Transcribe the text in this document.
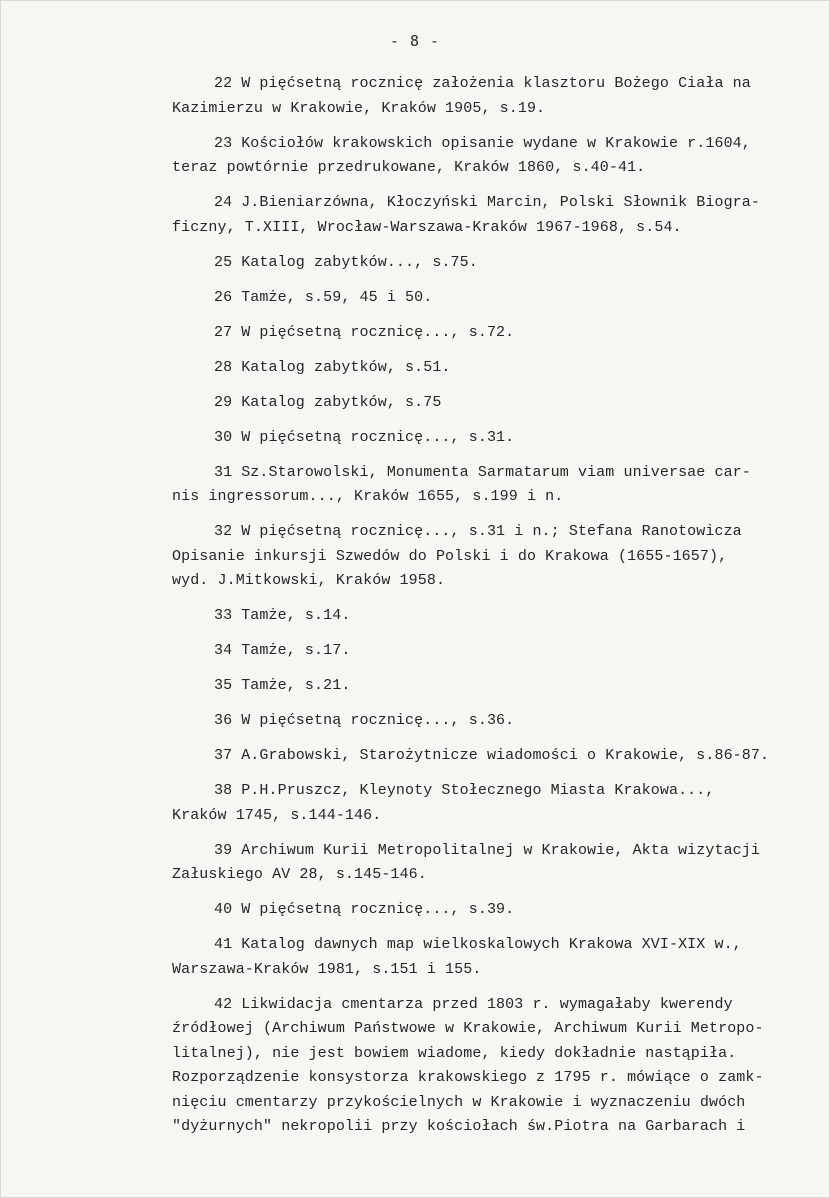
- 8 -
22 W pięćsetną rocznicę założenia klasztoru Bożego Ciała na
Kazimierzu w Krakowie, Kraków 1905, s.19.
23 Kościołów krakowskich opisanie wydane w Krakowie r.1604,
teraz powtórnie przedrukowane, Kraków 1860, s.40-41.
24 J.Bieniarzówna, Kłoczyński Marcin, Polski Słownik Biogra-
ficzny, T.XIII, Wrocław-Warszawa-Kraków 1967-1968, s.54.
25 Katalog zabytków..., s.75.
26 Tamże, s.59, 45 i 50.
27 W pięćsetną rocznicę..., s.72.
28 Katalog zabytków, s.51.
29 Katalog zabytków, s.75
30 W pięćsetną rocznicę..., s.31.
31 Sz.Starowolski, Monumenta Sarmatarum viam universae car-
nis ingressorum..., Kraków 1655, s.199 i n.
32 W pięćsetną rocznicę..., s.31 i n.; Stefana Ranotowicza
Opisanie inkursji Szwedów do Polski i do Krakowa (1655-1657),
wyd. J.Mitkowski, Kraków 1958.
33 Tamże, s.14.
34 Tamże, s.17.
35 Tamże, s.21.
36 W pięćsetną rocznicę..., s.36.
37 A.Grabowski, Starożytnicze wiadomości o Krakowie, s.86-87.
38 P.H.Pruszcz, Kleynoty Stołecznego Miasta Krakowa...,
Kraków 1745, s.144-146.
39 Archiwum Kurii Metropolitalnej w Krakowie, Akta wizytacji
Załuskiego AV 28, s.145-146.
40 W pięćsetną rocznicę..., s.39.
41 Katalog dawnych map wielkoskalowych Krakowa XVI-XIX w.,
Warszawa-Kraków 1981, s.151 i 155.
42 Likwidacja cmentarza przed 1803 r. wymagałaby kwerendy
źródłowej (Archiwum Państwowe w Krakowie, Archiwum Kurii Metropo-
litalnej), nie jest bowiem wiadome, kiedy dokładnie nastąpiła.
Rozporządzenie konsystorza krakowskiego z 1795 r. mówiące o zamk-
nięciu cmentarzy przykościelnych w Krakowie i wyznaczeniu dwóch
"dyżurnych" nekropolii przy kościołach św.Piotra na Garbarach i
